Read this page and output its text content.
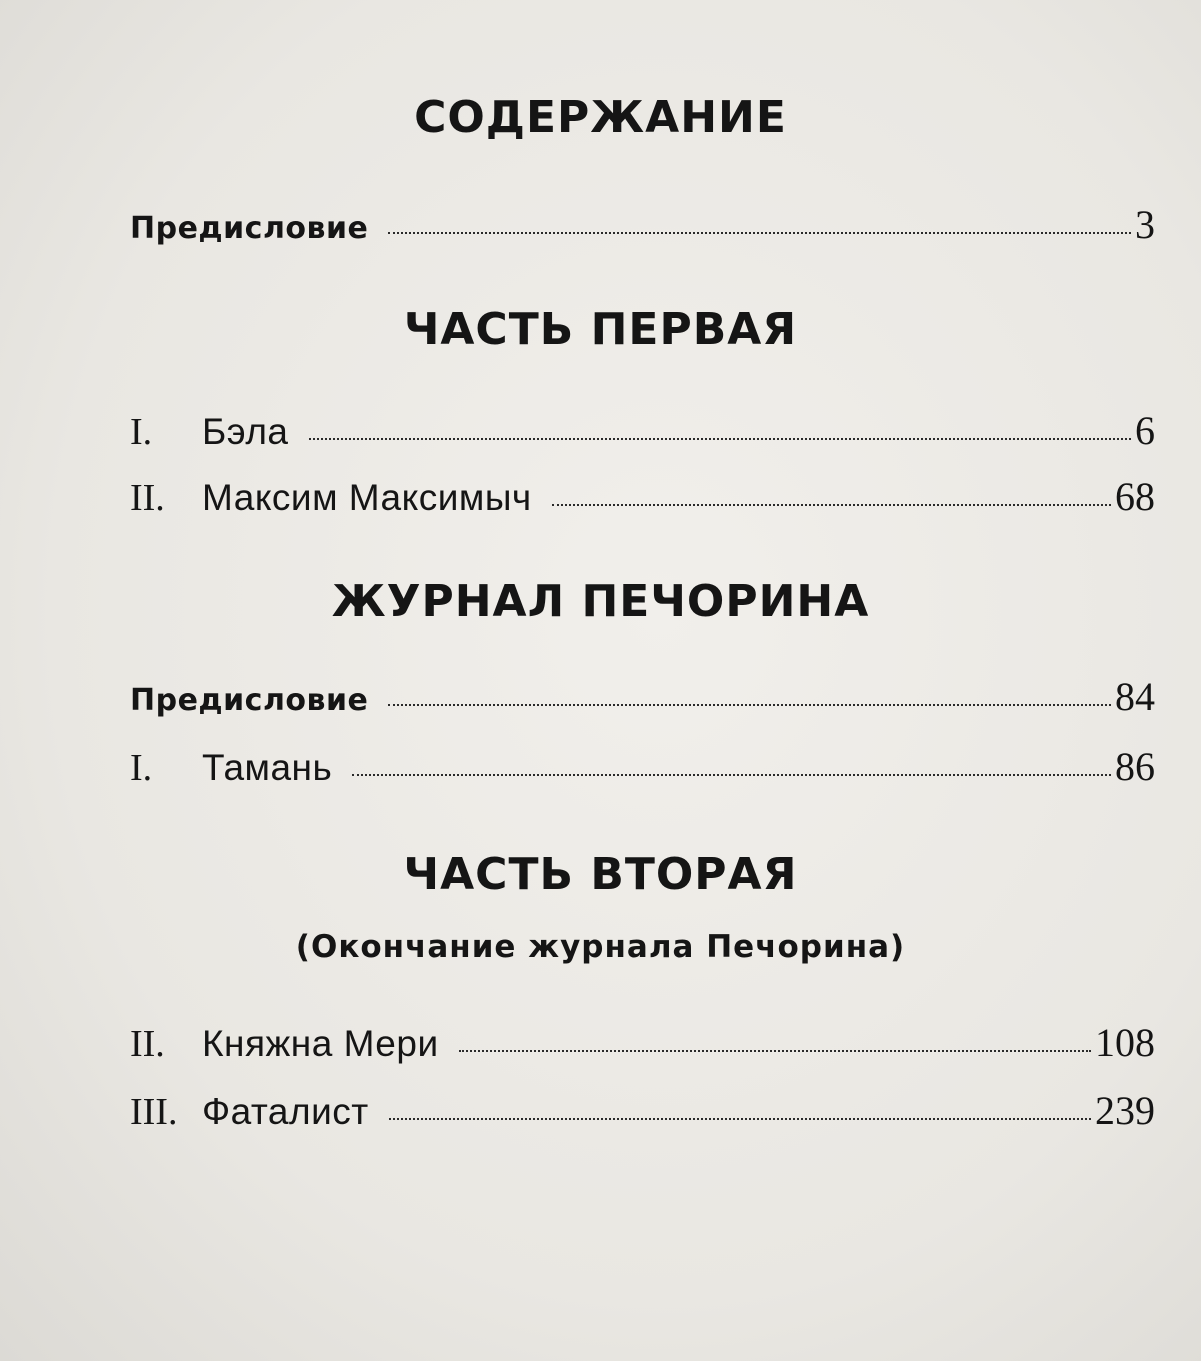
СОДЕРЖАНИЕ
Предисловие	3
ЧАСТЬ ПЕРВАЯ
I.	Бэла	6
II.	Максим Максимыч	68
ЖУРНАЛ ПЕЧОРИНА
Предисловие	84
I.	Тамань	86
ЧАСТЬ ВТОРАЯ
(Окончание журнала Печорина)
II.	Княжна Мери	108
III. Фаталист	239
